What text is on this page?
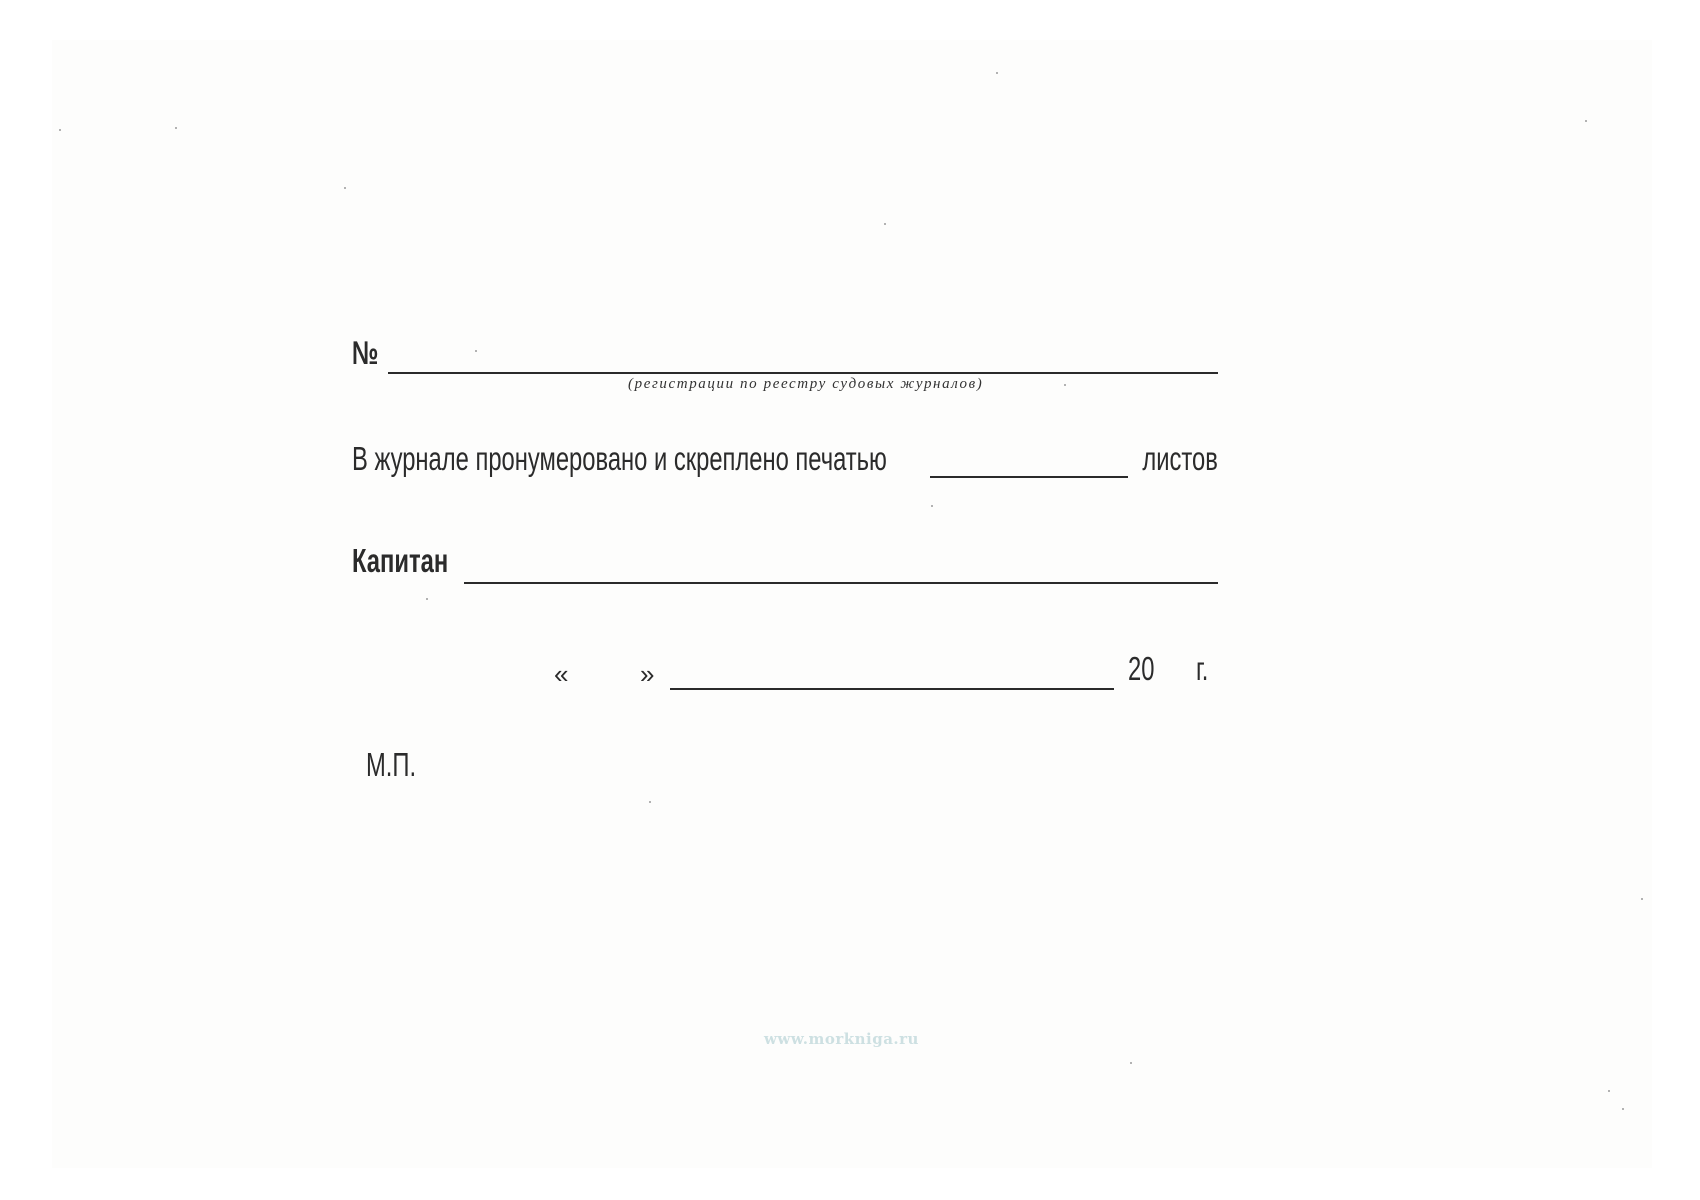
№
(регистрации по реестру судовых журналов)
В журнале пронумеровано и скреплено печатью	листов
Капитан
«	»	20	г.
М.П.
www.morkniga.ru
